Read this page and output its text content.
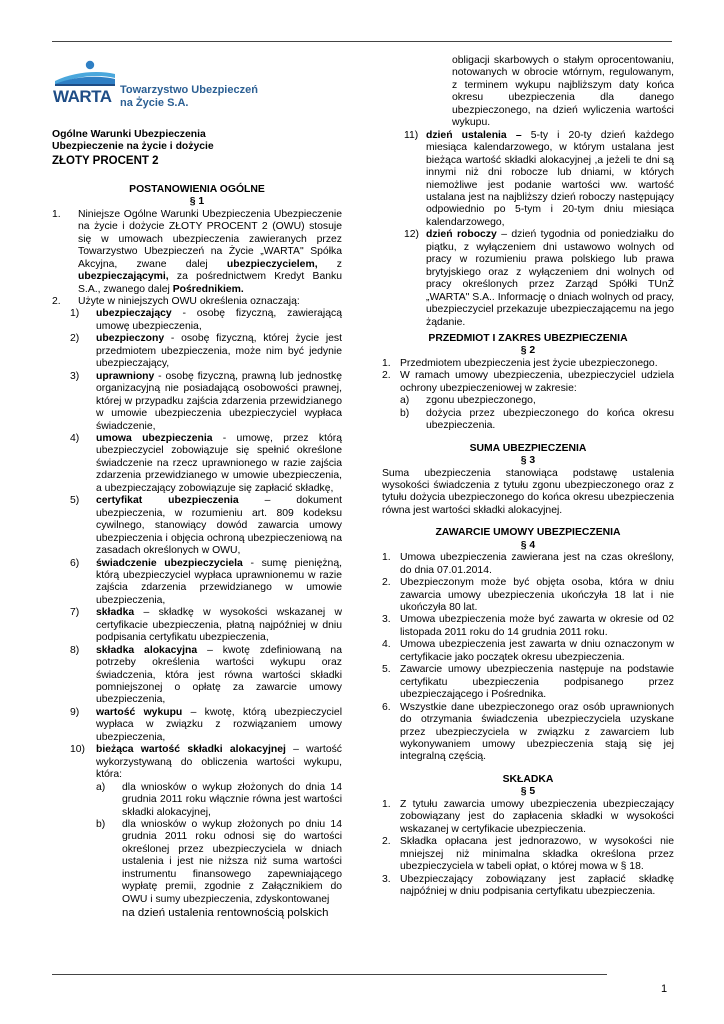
WARTA Towarzystwo Ubezpieczeń
na Życie S.A.

Ogólne Warunki Ubezpieczenia

Ubezpieczenie na życie i dożycie

ZŁOTY PROCENT 2

POSTANOWIENIA OGÓLNE

§ 1

1. Niniejsze Ogólne Warunki Ubezpieczenia Ubezpieczenie na życie i dożycie ZŁOTY PROCENT 2 (OWU) stosuje się w umowach ubezpieczenia zawieranych przez Towarzystwo Ubezpieczeń na Życie „WARTA" Spółka Akcyjna, zwane dalej ubezpieczycielem, z ubezpieczającymi, za pośrednictwem Kredyt Banku S.A., zwanego dalej Pośrednikiem.
2. Użyte w niniejszych OWU określenia oznaczają:
1) ubezpieczający - osobę fizyczną, zawierającą umowę ubezpieczenia,
2) ubezpieczony - osobę fizyczną, której życie jest przedmiotem ubezpieczenia, może nim być jedynie ubezpieczający,
3) uprawniony - osobę fizyczną, prawną lub jednostkę organizacyjną nie posiadającą osobowości prawnej, której w przypadku zajścia zdarzenia przewidzianego w umowie ubezpieczenia ubezpieczyciel wypłaca świadczenie,
4) umowa ubezpieczenia - umowę, przez którą ubezpieczyciel zobowiązuje się spełnić określone świadczenie na rzecz uprawnionego w razie zajścia zdarzenia przewidzianego w umowie ubezpieczenia, a ubezpieczający zobowiązuje się zapłacić składkę,
5) certyfikat ubezpieczenia – dokument ubezpieczenia, w rozumieniu art. 809 kodeksu cywilnego, stanowiący dowód zawarcia umowy ubezpieczenia i objęcia ochroną ubezpieczeniową na zasadach określonych w OWU,
6) świadczenie ubezpieczyciela - sumę pieniężną, którą ubezpieczyciel wypłaca uprawnionemu w razie zajścia zdarzenia przewidzianego w umowie ubezpieczenia,
7) składka – składkę w wysokości wskazanej w certyfikacie ubezpieczenia, płatną najpóźniej w dniu podpisania certyfikatu ubezpieczenia,
8) składka alokacyjna – kwotę zdefiniowaną na potrzeby określenia wartości wykupu oraz świadczenia, która jest równa wartości składki pomniejszonej o opłatę za zawarcie umowy ubezpieczenia,
9) wartość wykupu – kwotę, którą ubezpieczyciel wypłaca w związku z rozwiązaniem umowy ubezpieczenia,
10) bieżąca wartość składki alokacyjnej – wartość wykorzystywaną do obliczenia wartości wykupu, która:
a) dla wniosków o wykup złożonych do dnia 14 grudnia 2011 roku włącznie równa jest wartości składki alokacyjnej,
b) dla wniosków o wykup złożonych po dniu 14 grudnia 2011 roku odnosi się do wartości określonej przez ubezpieczyciela w dniach ustalenia i jest nie niższa niż suma wartości instrumentu finansowego zapewniającego wypłatę premii, zgodnie z Załącznikiem do OWU i sumy ubezpieczenia, zdyskontowanej
na dzień ustalenia rentownością polskich
obligacji skarbowych o stałym oprocentowaniu, notowanych w obrocie wtórnym, regulowanym, z terminem wykupu najbliższym daty końca okresu ubezpieczenia dla danego ubezpieczonego, na dzień wyliczenia wartości wykupu.
11) dzień ustalenia – 5-ty i 20-ty dzień każdego miesiąca kalendarzowego, w którym ustalana jest bieżąca wartość składki alokacyjnej ,a jeżeli te dni są innymi niż dni robocze lub dniami, w których niemożliwe jest podanie wartości ww. wartość ustalana jest na najbliższy dzień roboczy następujący odpowiednio po 5-tym i 20-tym dniu miesiąca kalendarzowego,
12) dzień roboczy – dzień tygodnia od poniedziałku do piątku, z wyłączeniem dni ustawowo wolnych od pracy w rozumieniu prawa polskiego lub prawa brytyjskiego oraz z wyłączeniem dni wolnych od pracy określonych przez Zarząd Spółki TUnŻ „WARTA" S.A.. Informację o dniach wolnych od pracy, ubezpieczyciel przekazuje ubezpieczającemu na jego żądanie.

PRZEDMIOT I ZAKRES UBEZPIECZENIA

§ 2

1. Przedmiotem ubezpieczenia jest życie ubezpieczonego.
2. W ramach umowy ubezpieczenia, ubezpieczyciel udziela ochrony ubezpieczeniowej w zakresie:
a) zgonu ubezpieczonego,
b) dożycia przez ubezpieczonego do końca okresu ubezpieczenia.

SUMA UBEZPIECZENIA

§ 3

Suma ubezpieczenia stanowiąca podstawę ustalenia wysokości świadczenia z tytułu zgonu ubezpieczonego oraz z tytułu dożycia ubezpieczonego do końca okresu ubezpieczenia równa jest wartości składki alokacyjnej.

ZAWARCIE UMOWY UBEZPIECZENIA

§ 4

1. Umowa ubezpieczenia zawierana jest na czas określony, do dnia 07.01.2014.
2. Ubezpieczonym może być objęta osoba, która w dniu zawarcia umowy ubezpieczenia ukończyła 18 lat i nie ukończyła 80 lat.
3. Umowa ubezpieczenia może być zawarta w okresie od 02 listopada 2011 roku do 14 grudnia 2011 roku.
4. Umowa ubezpieczenia jest zawarta w dniu oznaczonym w certyfikacie jako początek okresu ubezpieczenia.
5. Zawarcie umowy ubezpieczenia następuje na podstawie certyfikatu ubezpieczenia podpisanego przez ubezpieczającego i Pośrednika.
6. Wszystkie dane ubezpieczonego oraz osób uprawnionych do otrzymania świadczenia ubezpieczyciela uzyskane przez ubezpieczyciela w związku z zawarciem lub wykonywaniem umowy ubezpieczenia stają się jej integralną częścią.

SKŁADKA

§ 5

1. Z tytułu zawarcia umowy ubezpieczenia ubezpieczający zobowiązany jest do zapłacenia składki w wysokości wskazanej w certyfikacie ubezpieczenia.
2. Składka opłacana jest jednorazowo, w wysokości nie mniejszej niż minimalna składka określona przez ubezpieczyciela w tabeli opłat, o której mowa w § 18.
3. Ubezpieczający zobowiązany jest zapłacić składkę najpóźniej w dniu podpisania certyfikatu ubezpieczenia.
1
